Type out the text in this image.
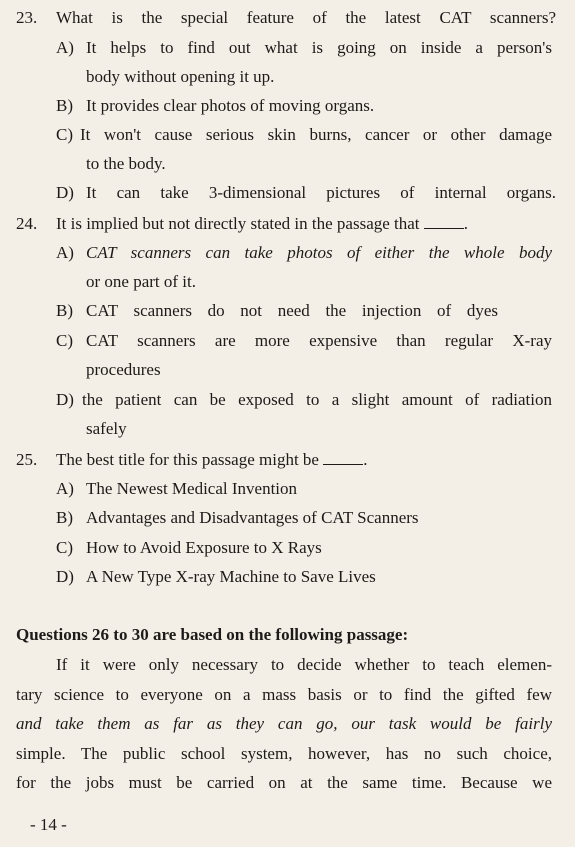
23. What is the special feature of the latest CAT scanners?
A) It helps to find out what is going on inside a person's
body without opening it up.
B) It provides clear photos of moving organs.
C) It won't cause serious skin burns, cancer or other damage
to the body.
D) It can take 3-dimensional pictures of internal organs.
24. It is implied but not directly stated in the passage that	.
A) CAT scanners can take photos of either the whole body
or one part of it.
B) CAT scanners do not need the injection of dyes
C) CAT scanners are more expensive than regular X-ray
procedures
D) the patient can be exposed to a slight amount of radiation
safely
25. The best title for this passage might be	.
A) The Newest Medical Invention
B) Advantages and Disadvantages of CAT Scanners
C) How to Avoid Exposure to X Rays
D) A New Type X-ray Machine to Save Lives
Questions 26 to 30 are based on the following passage:
If it were only necessary to decide whether to teach elemen-
tary science to everyone on a mass basis or to find the gifted few
and take them as far as they can go, our task would be fairly
simple. The public school system, however, has no such choice,
for the jobs must be carried on at the same time. Because we
- 14 -
